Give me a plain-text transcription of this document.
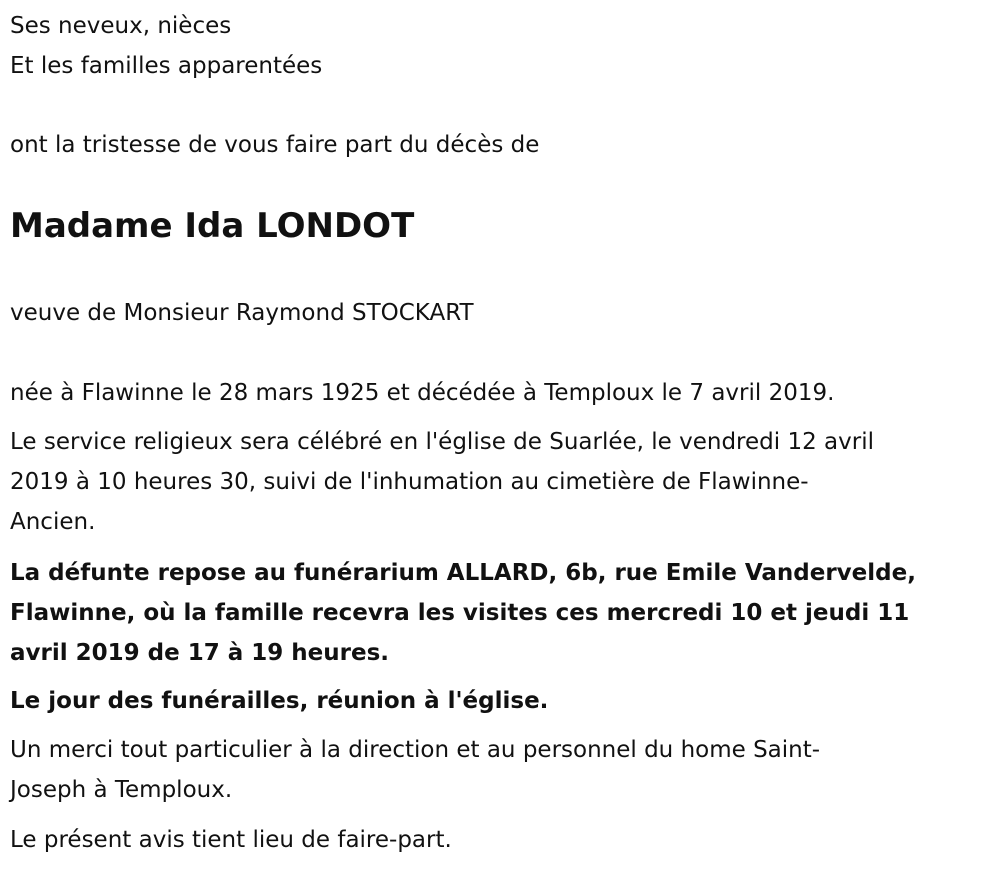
Ses neveux, nièces

Et les familles apparentées

ont la tristesse de vous faire part du décès de

Madame Ida LONDOT

veuve de Monsieur Raymond STOCKART

née à Flawinne le 28 mars 1925 et décédée à Temploux le 7 avril 2019.

Le service religieux sera célébré en l'église de Suarlée, le vendredi 12 avril

2019 à 10 heures 30, suivi de l'inhumation au cimetière de Flawinne-

Ancien.

La défunte repose au funérarium ALLARD, 6b, rue Emile Vandervelde,

Flawinne, où la famille recevra les visites ces mercredi 10 et jeudi 11

avril 2019 de 17 à 19 heures.

Le jour des funérailles, réunion à l'église.

Un merci tout particulier à la direction et au personnel du home Saint-

Joseph à Temploux.

Le présent avis tient lieu de faire-part.
